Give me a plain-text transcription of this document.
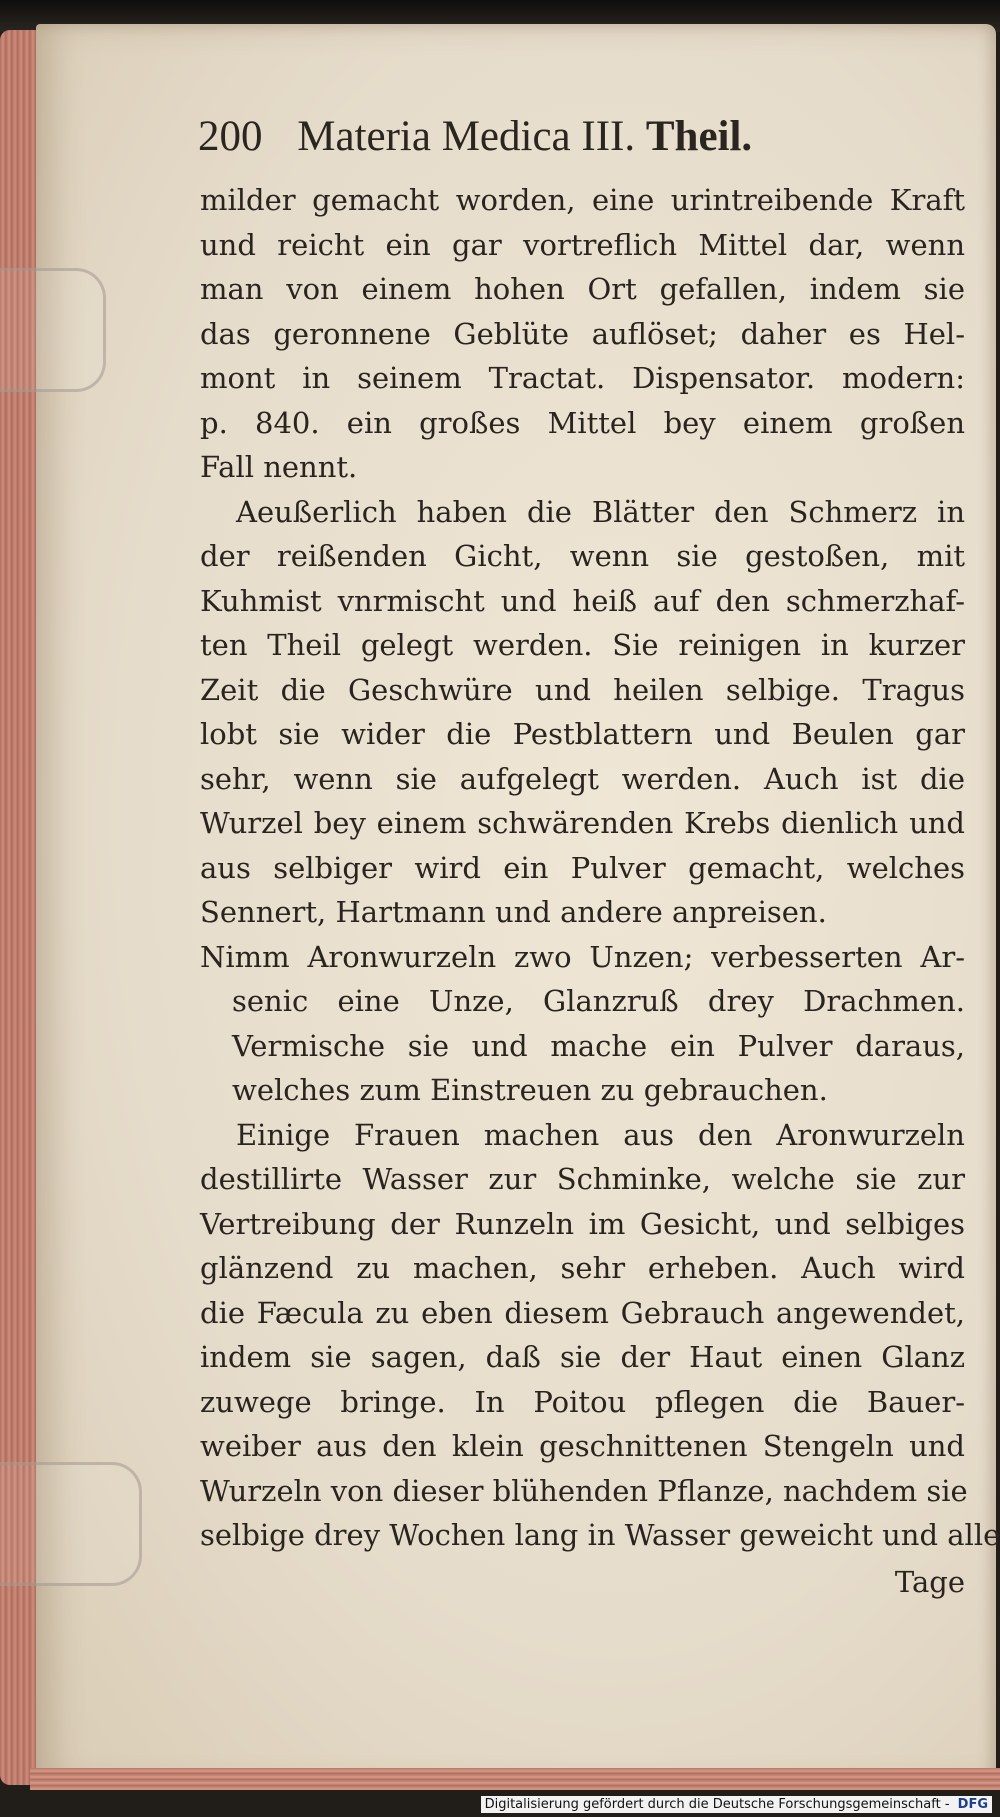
200 Materia Medica III. Theil.
milder gemacht worden, eine urintreibende Kraft
und reicht ein gar vortreflich Mittel dar, wenn
man von einem hohen Ort gefallen, indem sie
das geronnene Geblüte auflöset; daher es Hel-
mont in seinem Tractat. Dispensator. modern:
p. 840. ein großes Mittel bey einem großen
Fall nennt.
Aeußerlich haben die Blätter den Schmerz in
der reißenden Gicht, wenn sie gestoßen, mit
Kuhmist vnrmischt und heiß auf den schmerzhaf-
ten Theil gelegt werden. Sie reinigen in kurzer
Zeit die Geschwüre und heilen selbige. Tragus
lobt sie wider die Pestblattern und Beulen gar
sehr, wenn sie aufgelegt werden. Auch ist die
Wurzel bey einem schwärenden Krebs dienlich und
aus selbiger wird ein Pulver gemacht, welches
Sennert, Hartmann und andere anpreisen.
Nimm Aronwurzeln zwo Unzen; verbesserten Ar-
senic eine Unze, Glanzruß drey Drachmen.
Vermische sie und mache ein Pulver daraus,
welches zum Einstreuen zu gebrauchen.
Einige Frauen machen aus den Aronwurzeln
destillirte Wasser zur Schminke, welche sie zur
Vertreibung der Runzeln im Gesicht, und selbiges
glänzend zu machen, sehr erheben. Auch wird
die Fæcula zu eben diesem Gebrauch angewendet,
indem sie sagen, daß sie der Haut einen Glanz
zuwege bringe. In Poitou pflegen die Bauer-
weiber aus den klein geschnittenen Stengeln und
Wurzeln von dieser blühenden Pflanze, nachdem sie
selbige drey Wochen lang in Wasser geweicht und alle
Tage
Digitalisierung gefördert durch die Deutsche Forschungsgemeinschaft - DFG
